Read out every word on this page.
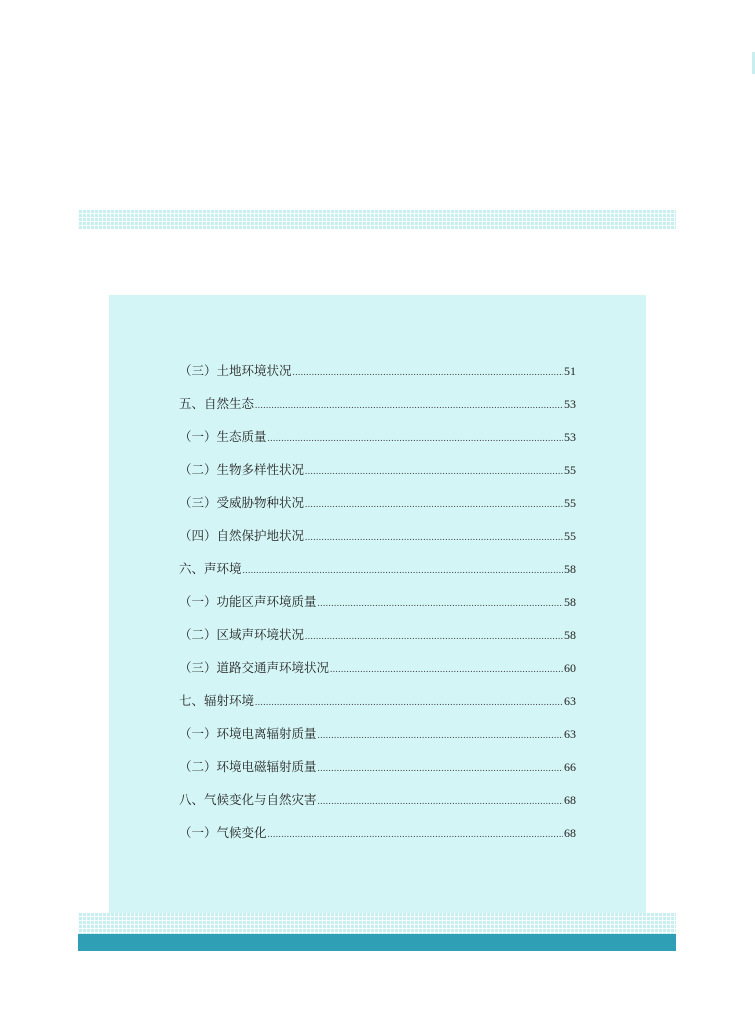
（三）土地环境状况 .....	51
五、自然生态 .....	53
（一）生态质量 .....	53
（二）生物多样性状况 .....	55
（三）受威胁物种状况 .....	55
（四）自然保护地状况 .....	55
六、声环境 .....	58
（一）功能区声环境质量 .....	58
（二）区域声环境状况 .....	58
（三）道路交通声环境状况 .....	60
七、辐射环境 .....	63
（一）环境电离辐射质量 .....	63
（二）环境电磁辐射质量 .....	66
八、气候变化与自然灾害 .....	68
（一）气候变化 .....	68
